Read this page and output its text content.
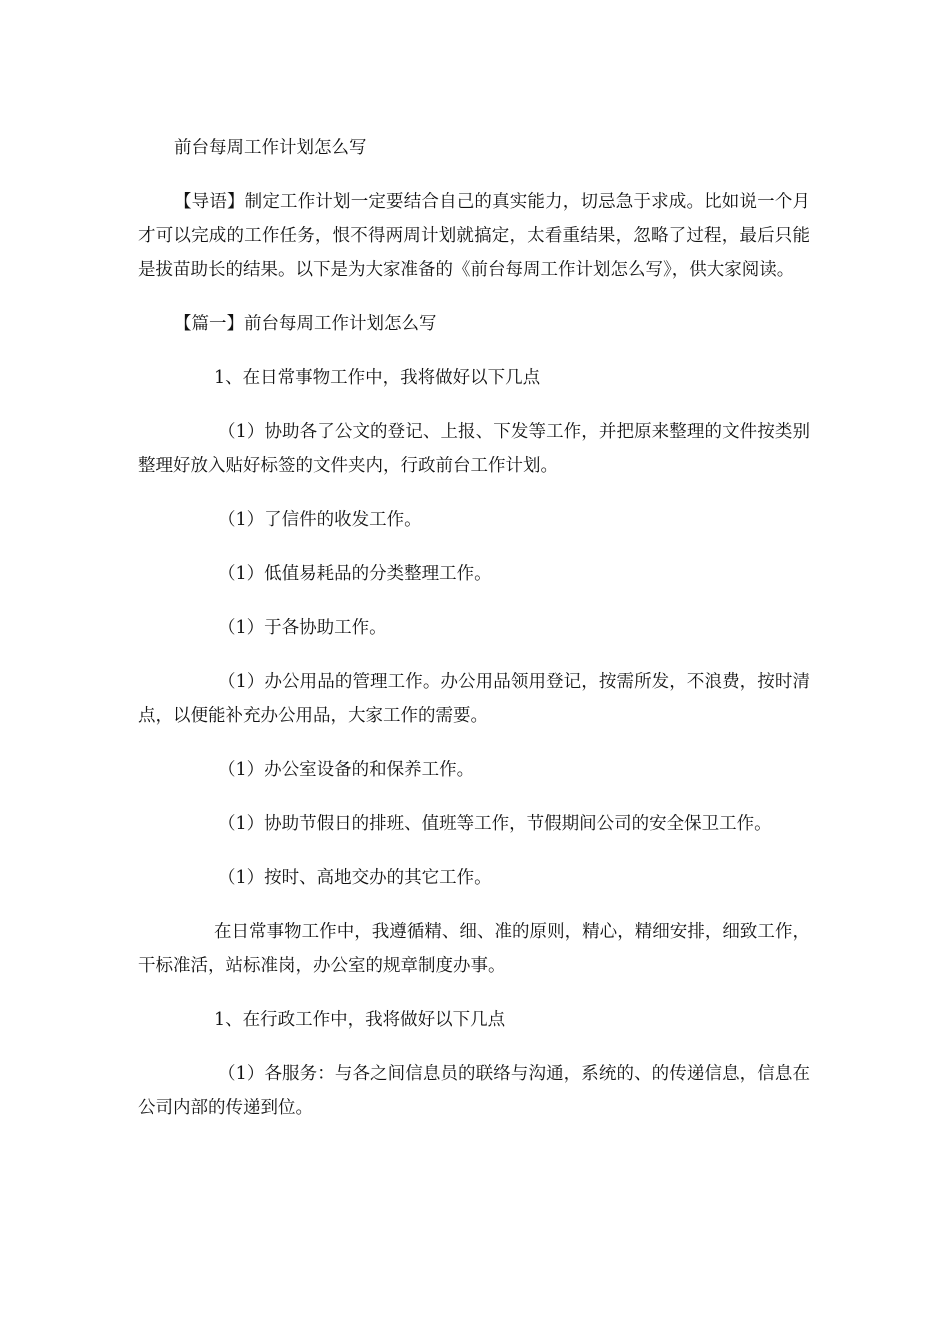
前台每周工作计划怎么写

【导语】制定工作计划一定要结合自己的真实能力，切忌急于求成。比如说一个月才可以完成的工作任务，恨不得两周计划就搞定，太看重结果，忽略了过程，最后只能是拔苗助长的结果。以下是为大家准备的《前台每周工作计划怎么写》，供大家阅读。

【篇一】前台每周工作计划怎么写

1、在日常事物工作中，我将做好以下几点

（1）协助各了公文的登记、上报、下发等工作，并把原来整理的文件按类别整理好放入贴好标签的文件夹内，行政前台工作计划。

（1）了信件的收发工作。

（1）低值易耗品的分类整理工作。

（1）于各协助工作。

（1）办公用品的管理工作。办公用品领用登记，按需所发，不浪费，按时清点，以便能补充办公用品，大家工作的需要。

（1）办公室设备的和保养工作。

（1）协助节假日的排班、值班等工作，节假期间公司的安全保卫工作。

（1）按时、高地交办的其它工作。

在日常事物工作中，我遵循精、细、准的原则，精心，精细安排，细致工作，干标准活，站标准岗，办公室的规章制度办事。

1、在行政工作中，我将做好以下几点

（1）各服务：与各之间信息员的联络与沟通，系统的、的传递信息，信息在公司内部的传递到位。
